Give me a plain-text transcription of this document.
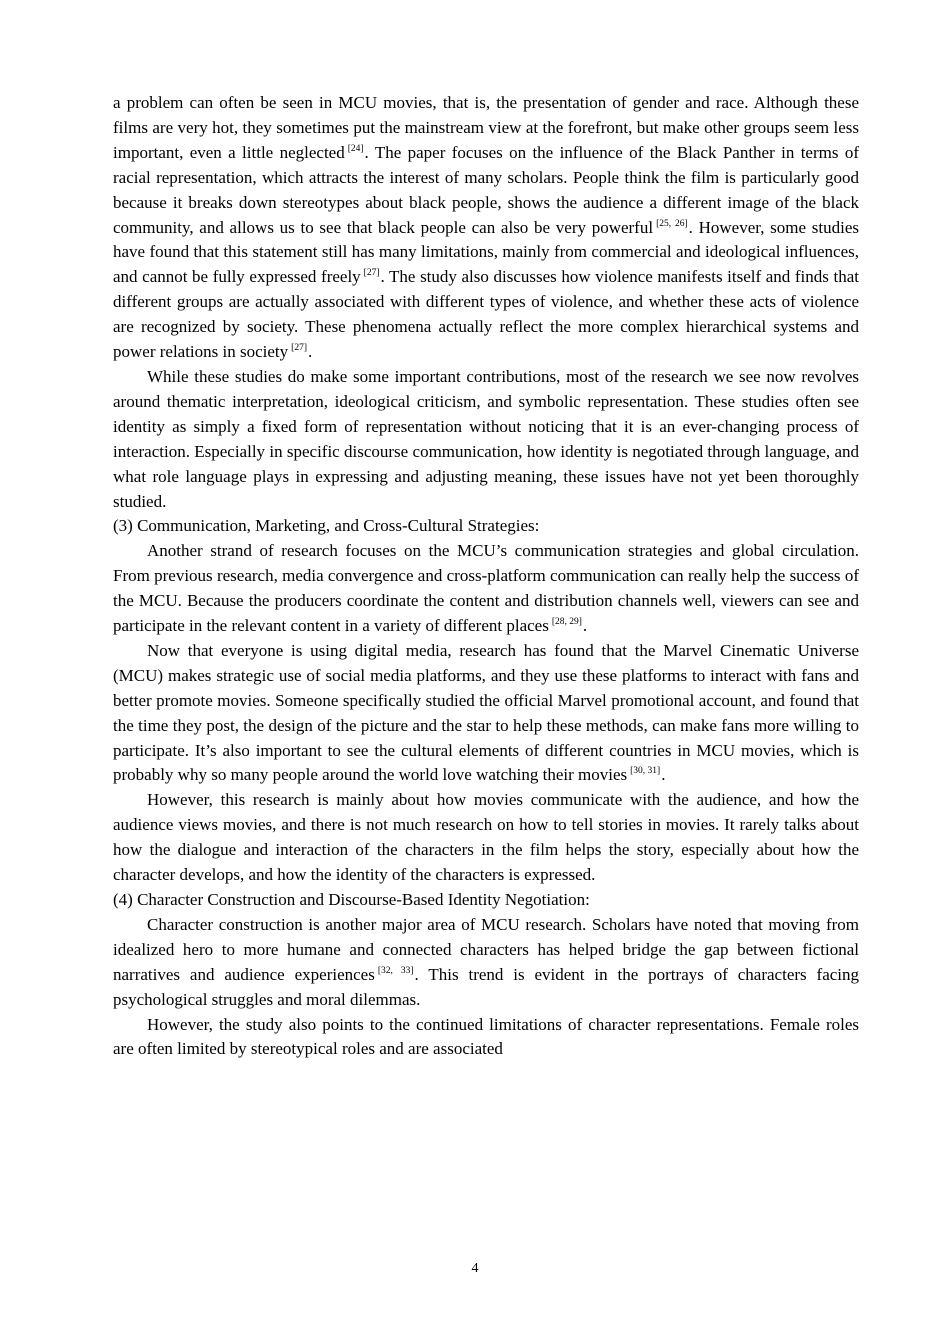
a problem can often be seen in MCU movies, that is, the presentation of gender and race. Although these films are very hot, they sometimes put the mainstream view at the forefront, but make other groups seem less important, even a little neglected [24]. The paper focuses on the influence of the Black Panther in terms of racial representation, which attracts the interest of many scholars. People think the film is particularly good because it breaks down stereotypes about black people, shows the audience a different image of the black community, and allows us to see that black people can also be very powerful [25, 26]. However, some studies have found that this statement still has many limitations, mainly from commercial and ideological influences, and cannot be fully expressed freely [27]. The study also discusses how violence manifests itself and finds that different groups are actually associated with different types of violence, and whether these acts of violence are recognized by society. These phenomena actually reflect the more complex hierarchical systems and power relations in society [27].

While these studies do make some important contributions, most of the research we see now revolves around thematic interpretation, ideological criticism, and symbolic representation. These studies often see identity as simply a fixed form of representation without noticing that it is an ever-changing process of interaction. Especially in specific discourse communication, how identity is negotiated through language, and what role language plays in expressing and adjusting meaning, these issues have not yet been thoroughly studied.

(3) Communication, Marketing, and Cross-Cultural Strategies:

Another strand of research focuses on the MCU’s communication strategies and global circulation. From previous research, media convergence and cross-platform communication can really help the success of the MCU. Because the producers coordinate the content and distribution channels well, viewers can see and participate in the relevant content in a variety of different places [28, 29].

Now that everyone is using digital media, research has found that the Marvel Cinematic Universe (MCU) makes strategic use of social media platforms, and they use these platforms to interact with fans and better promote movies. Someone specifically studied the official Marvel promotional account, and found that the time they post, the design of the picture and the star to help these methods, can make fans more willing to participate. It’s also important to see the cultural elements of different countries in MCU movies, which is probably why so many people around the world love watching their movies [30, 31].

However, this research is mainly about how movies communicate with the audience, and how the audience views movies, and there is not much research on how to tell stories in movies. It rarely talks about how the dialogue and interaction of the characters in the film helps the story, especially about how the character develops, and how the identity of the characters is expressed.

(4) Character Construction and Discourse-Based Identity Negotiation:

Character construction is another major area of MCU research. Scholars have noted that moving from idealized hero to more humane and connected characters has helped bridge the gap between fictional narratives and audience experiences [32, 33]. This trend is evident in the portrays of characters facing psychological struggles and moral dilemmas.

However, the study also points to the continued limitations of character representations. Female roles are often limited by stereotypical roles and are associated

4
